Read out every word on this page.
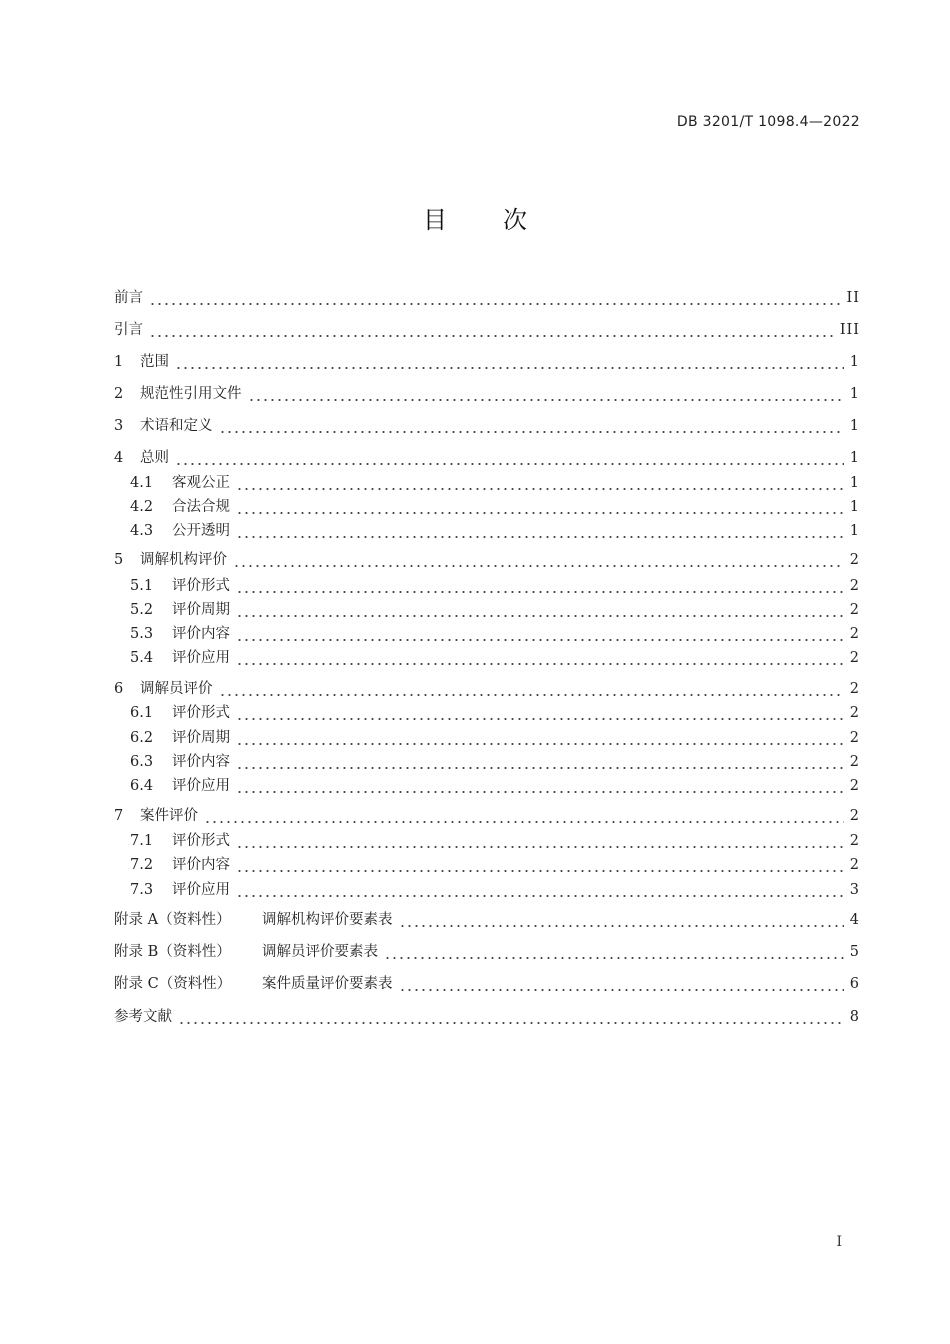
DB 3201/T 1098.4—2022
目次
前言	II
引言	III
1 范围	1
2 规范性引用文件	1
3 术语和定义	1
4 总则	1
4.1 客观公正	1
4.2 合法合规	1
4.3 公开透明	1
5 调解机构评价	2
5.1 评价形式	2
5.2 评价周期	2
5.3 评价内容	2
5.4 评价应用	2
6 调解员评价	2
6.1 评价形式	2
6.2 评价周期	2
6.3 评价内容	2
6.4 评价应用	2
7 案件评价	2
7.1 评价形式	2
7.2 评价内容	2
7.3 评价应用	3
附录 A（资料性） 调解机构评价要素表	4
附录 B（资料性） 调解员评价要素表	5
附录 C（资料性） 案件质量评价要素表	6
参考文献	8
I
